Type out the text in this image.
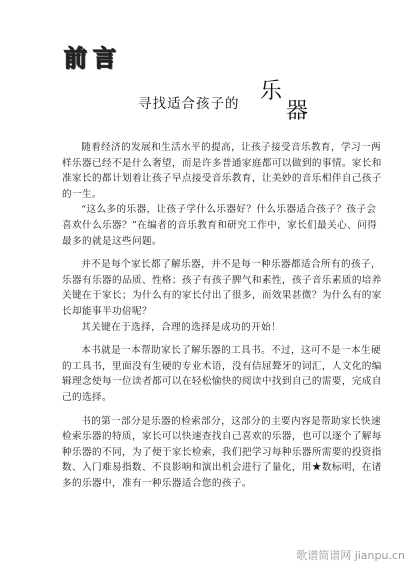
前言
寻找适合孩子的 乐
器

随着经济的发展和生活水平的提高，让孩子接受音乐教育，学习一两样乐器已经不是什么奢望，而是许多普通家庭都可以做到的事情。家长和准家长的都计划着让孩子早点接受音乐教育，让美妙的音乐相伴自己孩子的一生。

“这么多的乐器，让孩子学什么乐器好？什么乐器适合孩子？孩子会喜欢什么乐器？”在编者的音乐教育和研究工作中，家长们最关心、问得最多的就是这些问题。

并不是每个家长都了解乐器，并不是每一种乐器都适合所有的孩子，乐器有乐器的品质、性格；孩子有孩子脾气和素性，孩子音乐素质的培养关键在于家长；为什么有的家长付出了很多，而效果甚微？为什么有的家长却能事半功倍呢？

其关键在于选择，合理的选择是成功的开始！

本书就是一本帮助家长了解乐器的工具书。不过，这可不是一本生硬的工具书，里面没有生硬的专业术语，没有佶屈聱牙的词汇，人文化的编辑理念使每一位读者都可以在轻松愉快的阅读中找到自己的需要，完成自己的选择。

书的第一部分是乐器的检索部分，这部分的主要内容是帮助家长快速检索乐器的特质，家长可以快速查找自己喜欢的乐器，也可以逐个了解每种乐器的不同，为了便于家长检索，我们把学习每种乐器所需要的投资指数、入门难易指数、不良影响和演出机会进行了量化，用★数标明，在诸多的乐器中，准有一种乐器适合您的孩子。

歌谱简谱网 jianpu.cn
